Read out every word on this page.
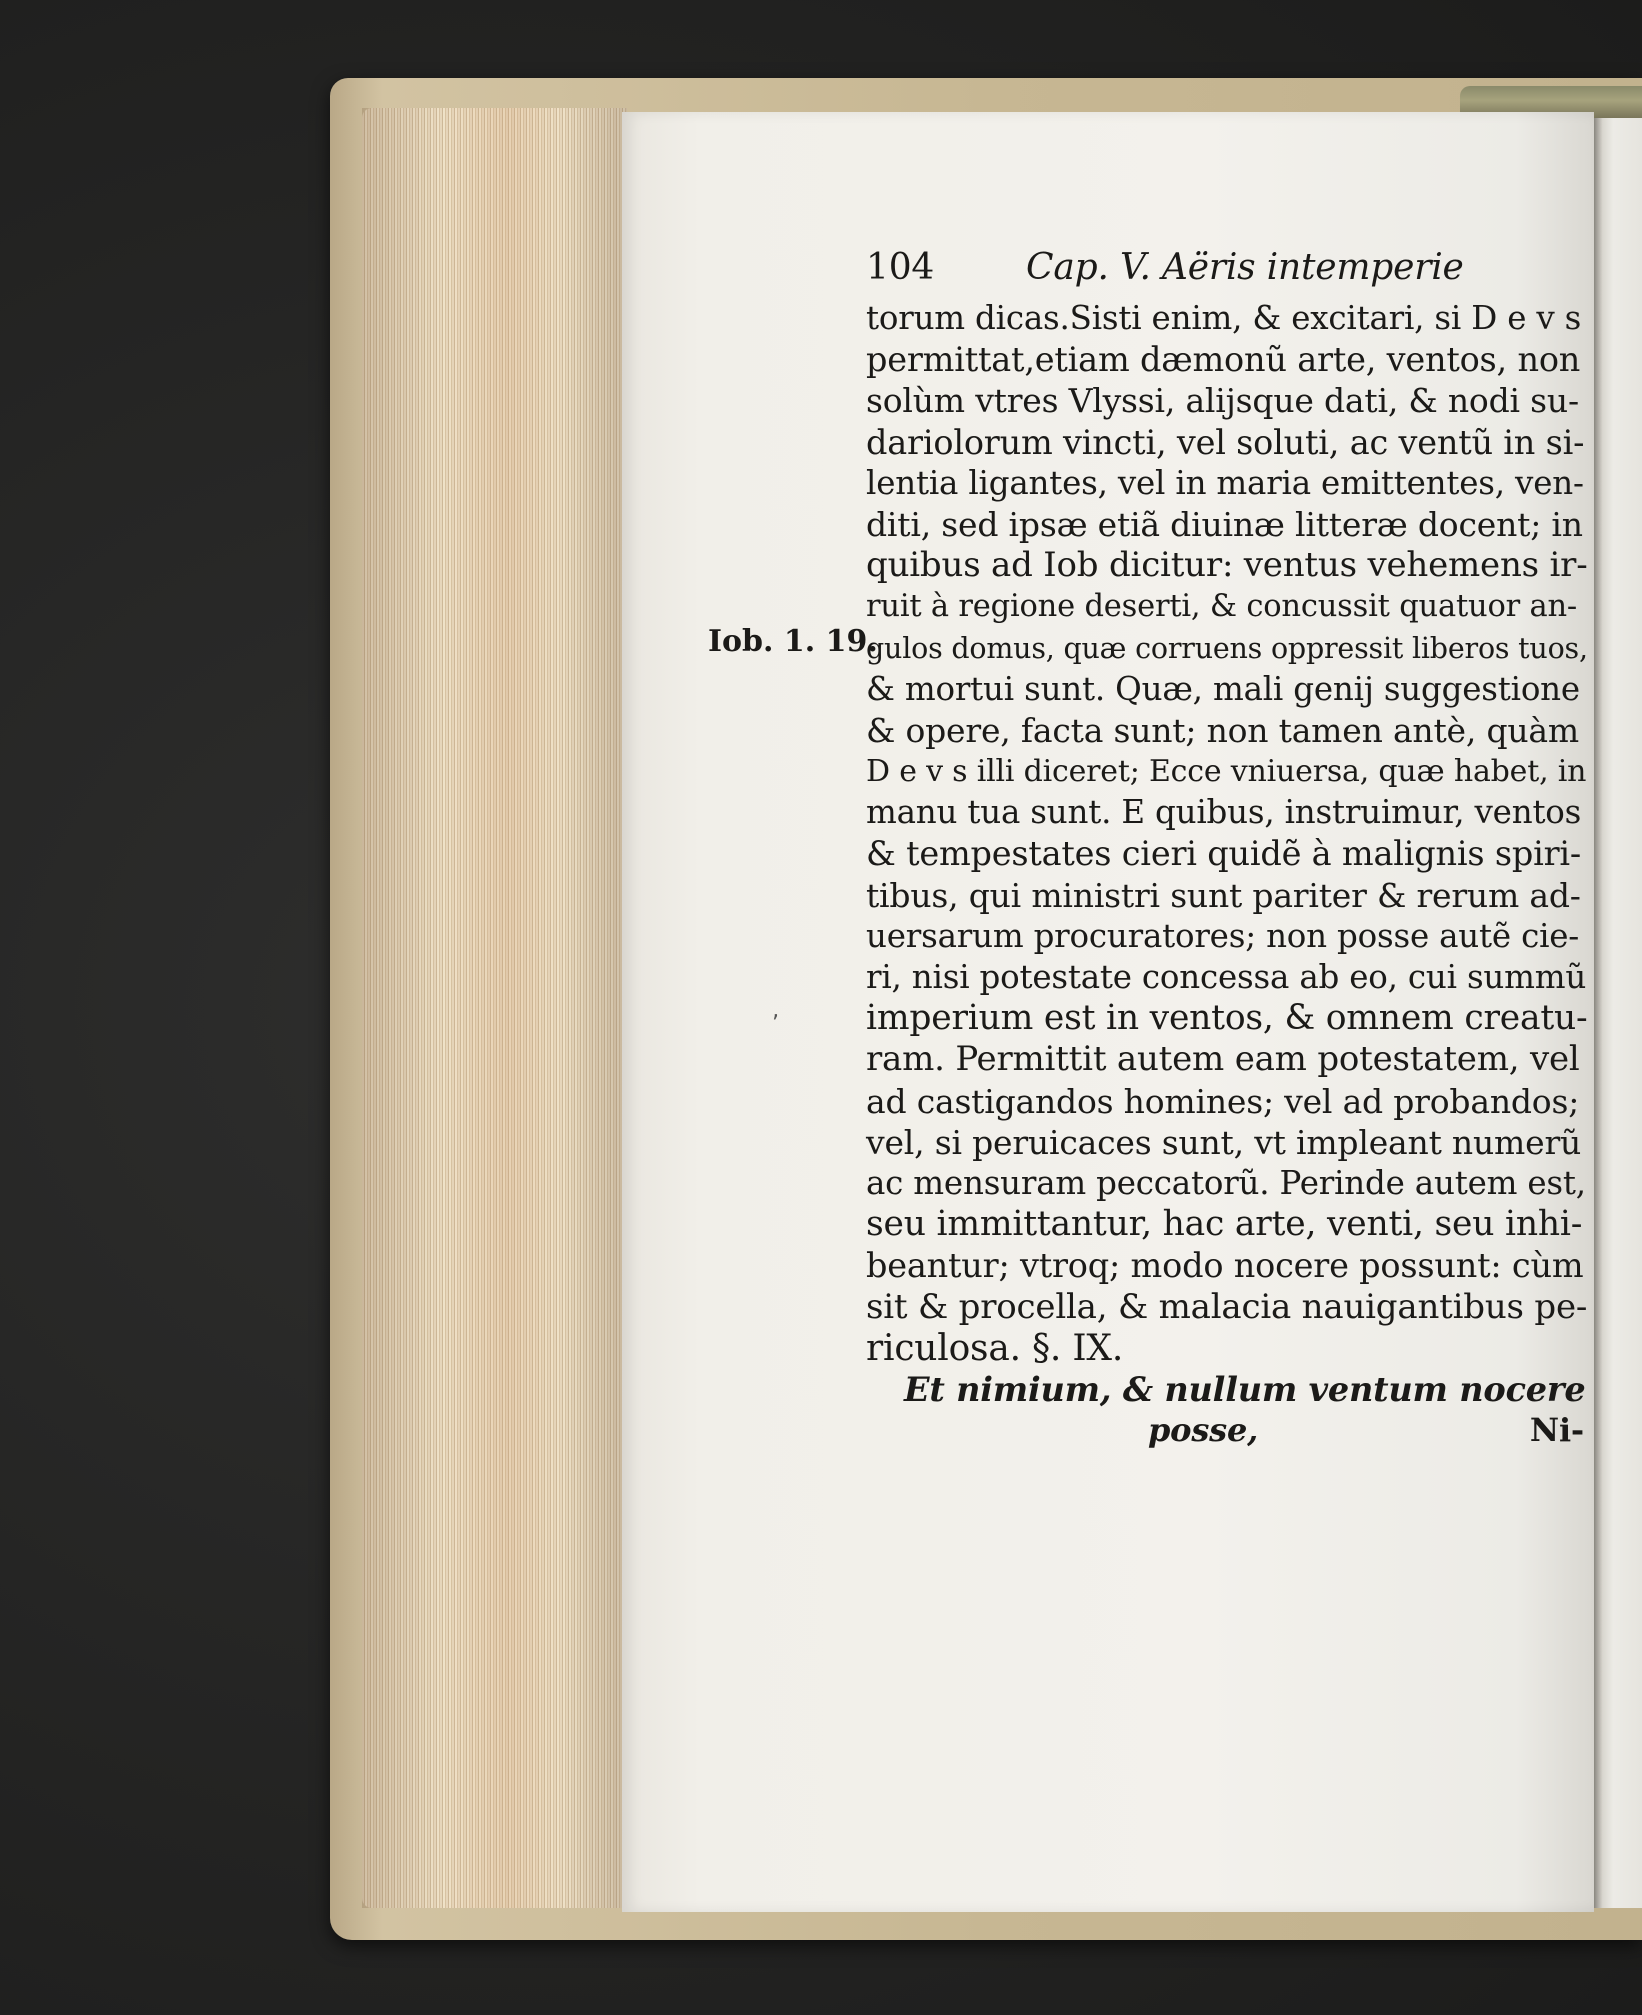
Iob. 1. 19.
‚
104	Cap. V. Aëris intemperie
torum dicas.Sisti enim, & excitari, si D e v s
permittat,etiam dæmonũ arte, ventos, non
solùm vtres Vlyssi, alijsque dati, & nodi su-
dariolorum vincti, vel soluti, ac ventũ in si-
lentia ligantes, vel in maria emittentes, ven-
diti, sed ipsæ etiã diuinæ litteræ docent; in
quibus ad Iob dicitur: ventus vehemens ir-
ruit à regione deserti, & concussit quatuor an-
gulos domus, quæ corruens oppressit liberos tuos,
& mortui sunt. Quæ, mali genij suggestione
& opere, facta sunt; non tamen antè, quàm
D e v s illi diceret; Ecce vniuersa, quæ habet, in
manu tua sunt. E quibus, instruimur, ventos
& tempestates cieri quidẽ à malignis spiri-
tibus, qui ministri sunt pariter & rerum ad-
uersarum procuratores; non posse autẽ cie-
ri, nisi potestate concessa ab eo, cui summũ
imperium est in ventos, & omnem creatu-
ram. Permittit autem eam potestatem, vel
ad castigandos homines; vel ad probandos;
vel, si peruicaces sunt, vt impleant numerũ
ac mensuram peccatorũ. Perinde autem est,
seu immittantur, hac arte, venti, seu inhi-
beantur; vtroq; modo nocere possunt: cùm
sit & procella, & malacia nauigantibus pe-
riculosa. §. IX.
Et nimium, & nullum ventum nocere
posse,	Ni-
